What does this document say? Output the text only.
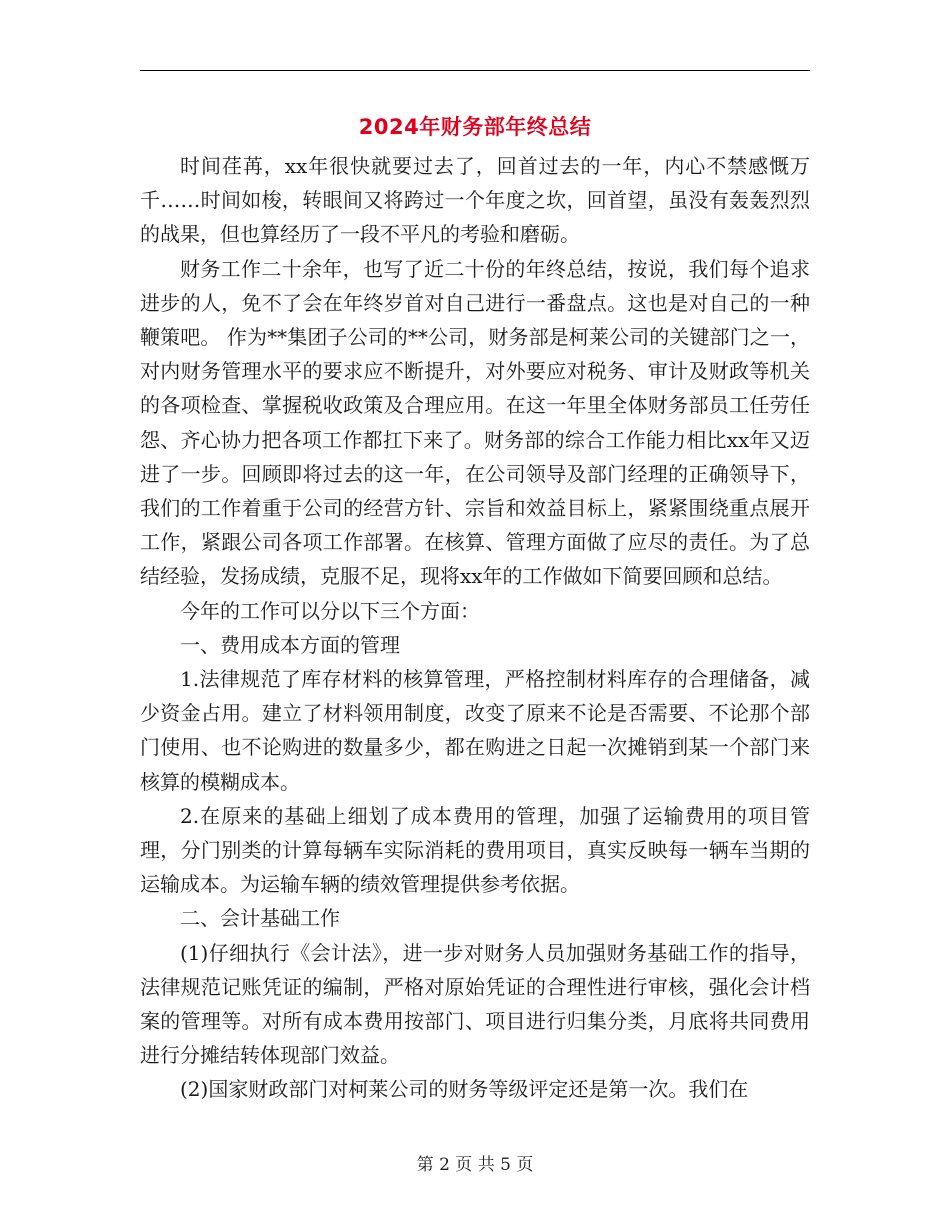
2024年财务部年终总结

时间荏苒，xx年很快就要过去了，回首过去的一年，内心不禁感慨万千……时间如梭，转眼间又将跨过一个年度之坎，回首望，虽没有轰轰烈烈的战果，但也算经历了一段不平凡的考验和磨砺。

财务工作二十余年，也写了近二十份的年终总结，按说，我们每个追求进步的人，免不了会在年终岁首对自己进行一番盘点。这也是对自己的一种鞭策吧。 作为**集团子公司的**公司，财务部是柯莱公司的关键部门之一，对内财务管理水平的要求应不断提升，对外要应对税务、审计及财政等机关的各项检查、掌握税收政策及合理应用。在这一年里全体财务部员工任劳任怨、齐心协力把各项工作都扛下来了。财务部的综合工作能力相比xx年又迈进了一步。回顾即将过去的这一年，在公司领导及部门经理的正确领导下，我们的工作着重于公司的经营方针、宗旨和效益目标上，紧紧围绕重点展开工作，紧跟公司各项工作部署。在核算、管理方面做了应尽的责任。为了总结经验，发扬成绩，克服不足，现将xx年的工作做如下简要回顾和总结。

今年的工作可以分以下三个方面：

一、费用成本方面的管理

1.法律规范了库存材料的核算管理，严格控制材料库存的合理储备，减少资金占用。建立了材料领用制度，改变了原来不论是否需要、不论那个部门使用、也不论购进的数量多少，都在购进之日起一次摊销到某一个部门来核算的模糊成本。

2.在原来的基础上细划了成本费用的管理，加强了运输费用的项目管理，分门别类的计算每辆车实际消耗的费用项目，真实反映每一辆车当期的运输成本。为运输车辆的绩效管理提供参考依据。

二、会计基础工作

(1)仔细执行《会计法》，进一步对财务人员加强财务基础工作的指导，法律规范记账凭证的编制，严格对原始凭证的合理性进行审核，强化会计档案的管理等。对所有成本费用按部门、项目进行归集分类，月底将共同费用进行分摊结转体现部门效益。

(2)国家财政部门对柯莱公司的财务等级评定还是第一次。我们在

第 2 页 共 5 页
